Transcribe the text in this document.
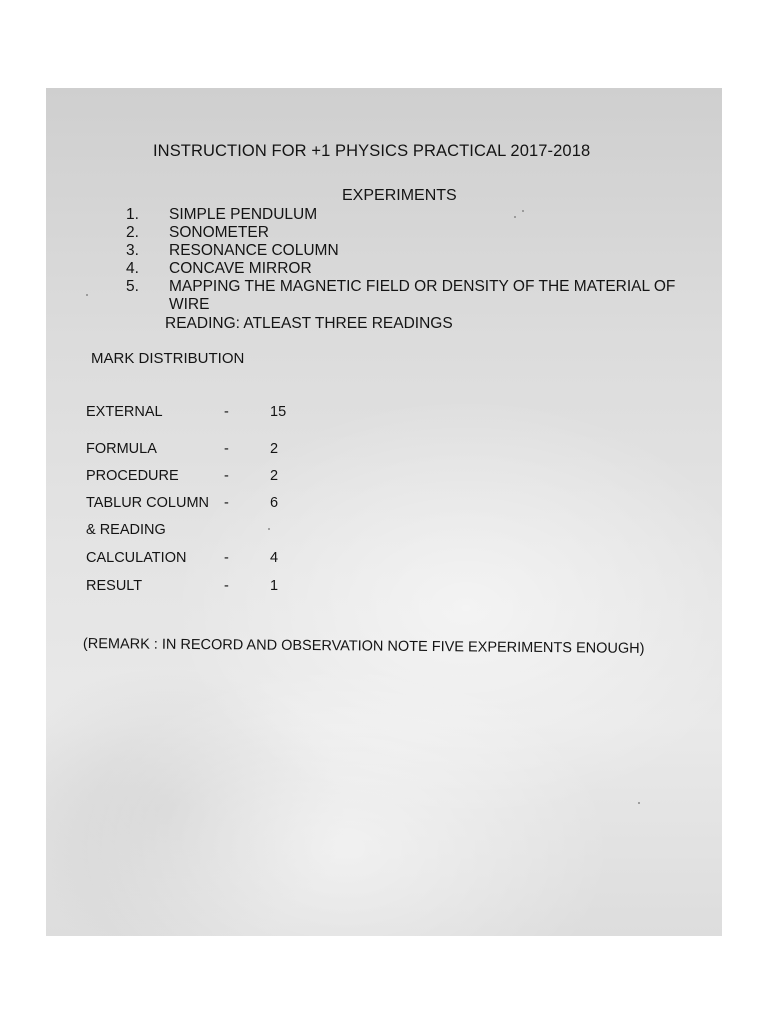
INSTRUCTION FOR +1 PHYSICS PRACTICAL 2017-2018
EXPERIMENTS
1.	SIMPLE PENDULUM
2.	SONOMETER
3.	RESONANCE COLUMN
4.	CONCAVE MIRROR
5.	MAPPING THE MAGNETIC FIELD OR DENSITY OF THE MATERIAL OF WIRE
READING: ATLEAST THREE READINGS
MARK DISTRIBUTION
EXTERNAL	-	15
FORMULA	-	2
PROCEDURE	-	2
TABLUR COLUMN -	6
& READING
CALCULATION	-	4
RESULT	-	1
(REMARK : IN RECORD AND OBSERVATION NOTE FIVE EXPERIMENTS ENOUGH)
